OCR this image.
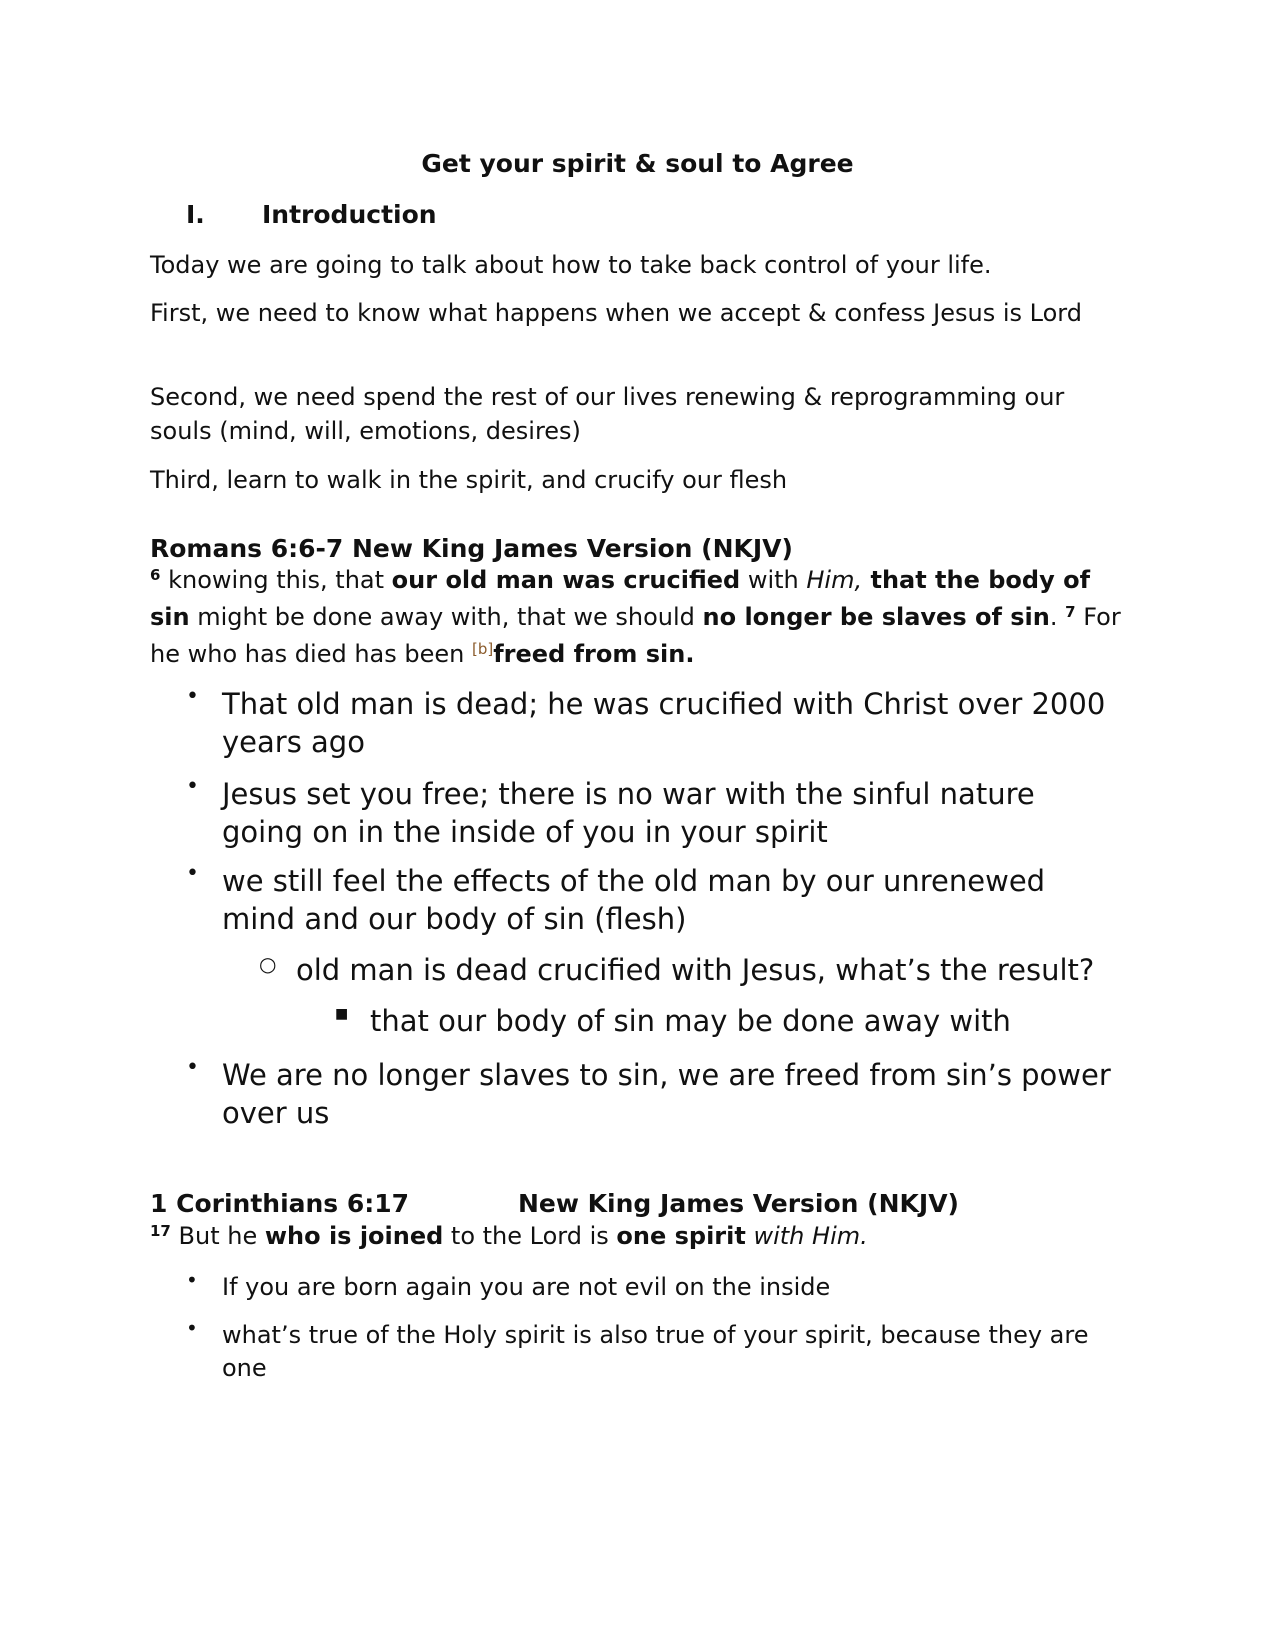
Get your spirit & soul to Agree
I. Introduction

Today we are going to talk about how to take back control of your life.

First, we need to know what happens when we accept & confess Jesus is Lord

Second, we need spend the rest of our lives renewing & reprogramming our souls (mind, will, emotions, desires)

Third, learn to walk in the spirit, and crucify our flesh

Romans 6:6-7 New King James Version (NKJV)

$^6$ knowing this, that our old man was crucified with Him, that the body of sin might be done away with, that we should no longer be slaves of sin. $^7$ For he who has died has been [b]freed from sin.

• That old man is dead; he was crucified with Christ over 2000 years ago

• Jesus set you free; there is no war with the sinful nature going on in the inside of you in your spirit

• we still feel the effects of the old man by our unrenewed mind and our body of sin (flesh)

○ old man is dead crucified with Jesus, what’s the result?

■ that our body of sin may be done away with

• We are no longer slaves to sin, we are freed from sin’s power over us

1 Corinthians 6:17	New King James Version (NKJV)

$^{17}$ But he who is joined to the Lord is one spirit with Him.

• If you are born again you are not evil on the inside

• what’s true of the Holy spirit is also true of your spirit, because they are one
